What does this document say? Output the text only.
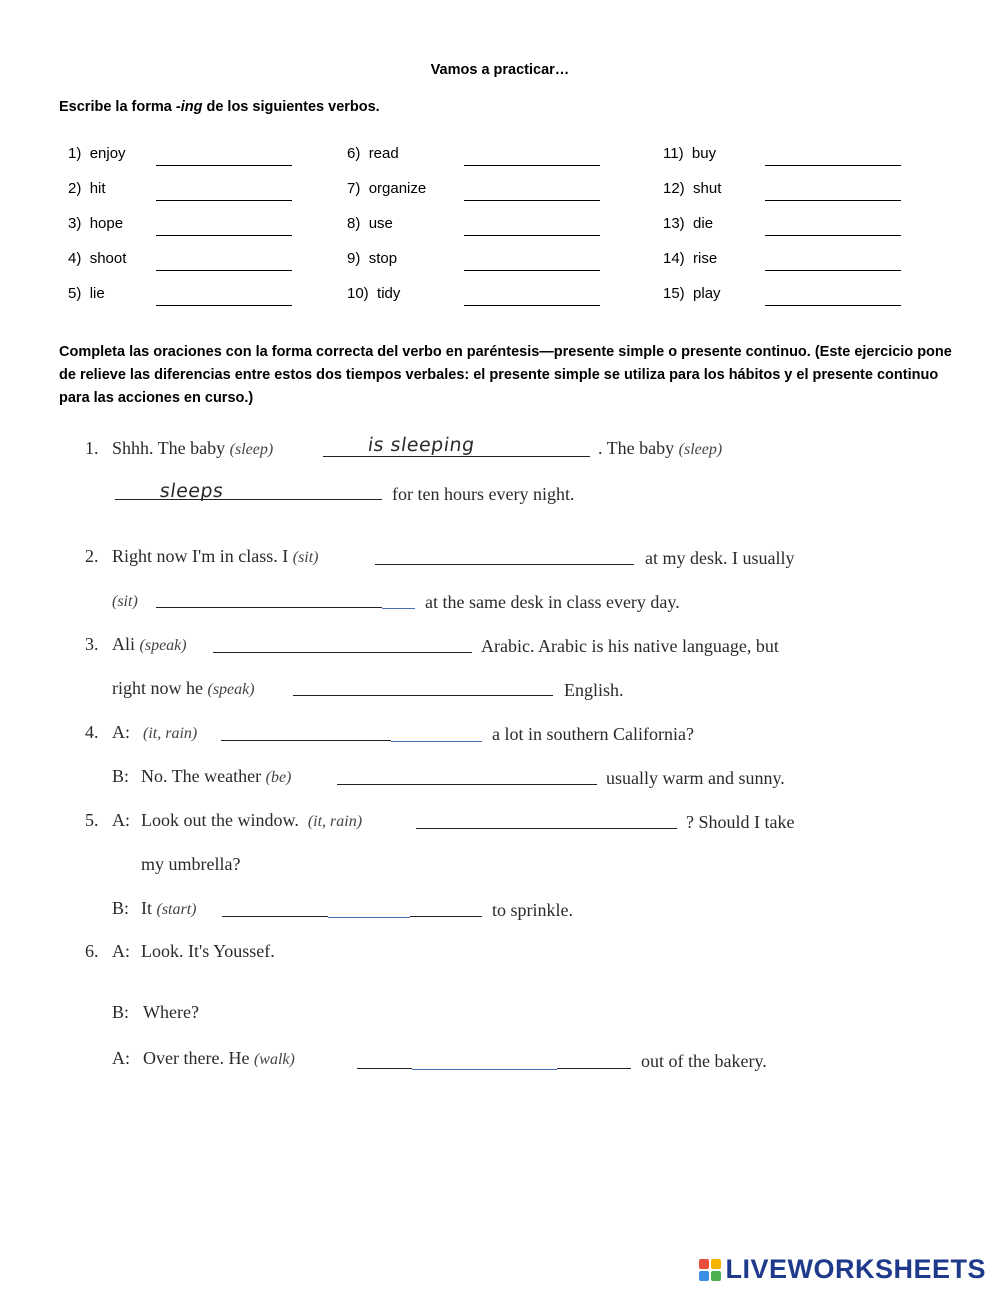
Vamos a practicar…
Escribe la forma -ing de los siguientes verbos.
1) enjoy
2) hit
3) hope
4) shoot
5) lie
6) read
7) organize
8) use
9) stop
10) tidy
11) buy
12) shut
13) die
14) rise
15) play
Completa las oraciones con la forma correcta del verbo en paréntesis—presente simple o presente continuo. (Este ejercicio pone de relieve las diferencias entre estos dos tiempos verbales: el presente simple se utiliza para los hábitos y el presente continuo para las acciones en curso.)
1. Shhh. The baby (sleep)	is sleeping	. The baby (sleep)
sleeps	for ten hours every night.
2. Right now I'm in class. I (sit)	at my desk. I usually
(sit)	at the same desk in class every day.
3. Ali (speak)	Arabic. Arabic is his native language, but
right now he (speak)	English.
4. A: (it, rain)	a lot in southern California?
B: No. The weather (be)	usually warm and sunny.
5. A: Look out the window. (it, rain)	? Should I take
my umbrella?
B: It (start)	to sprinkle.
6. A: Look. It's Youssef.
B: Where?
A: Over there. He (walk)	out of the bakery.
LIVEWORKSHEETS
